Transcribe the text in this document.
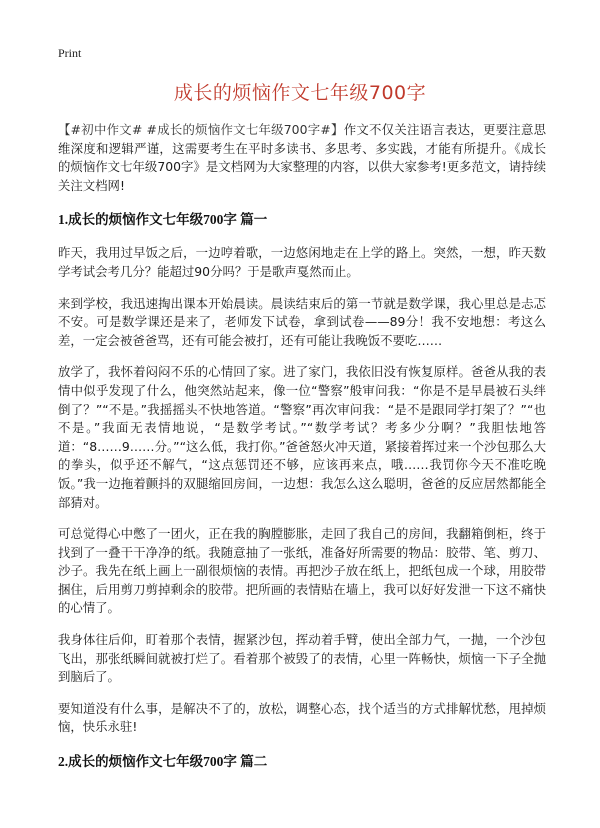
Print
成长的烦恼作文七年级700字

【#初中作文# #成长的烦恼作文七年级700字#】作文不仅关注语言表达，更要注意思维深度和逻辑严谨，这需要考生在平时多读书、多思考、多实践，才能有所提升。《成长的烦恼作文七年级700字》是文档网为大家整理的内容，以供大家参考!更多范文，请持续关注文档网!

1.成长的烦恼作文七年级700字 篇一

昨天，我用过早饭之后，一边哼着歌，一边悠闲地走在上学的路上。突然，一想，昨天数学考试会考几分？能超过90分吗？于是歌声戛然而止。

来到学校，我迅速掏出课本开始晨读。晨读结束后的第一节就是数学课，我心里总是忐忑不安。可是数学课还是来了，老师发下试卷，拿到试卷——89分！我不安地想：考这么差，一定会被爸爸骂，还有可能会被打，还有可能让我晚饭不要吃……

放学了，我怀着闷闷不乐的心情回了家。进了家门，我依旧没有恢复原样。爸爸从我的表情中似乎发现了什么，他突然站起来，像一位“警察”般审问我：“你是不是早晨被石头绊倒了？”“不是。”我摇摇头不快地答道。“警察”再次审问我：“是不是跟同学打架了？”“也不是。”我面无表情地说，“是数学考试。”“数学考试？考多少分啊？”我胆怯地答道：“8……9……分。”“这么低，我打你。”爸爸怒火冲天道，紧接着挥过来一个沙包那么大的拳头，似乎还不解气，“这点惩罚还不够，应该再来点，哦……我罚你今天不准吃晚饭。”我一边拖着颤抖的双腿缩回房间，一边想：我怎么这么聪明，爸爸的反应居然都能全部猜对。

可总觉得心中憋了一团火，正在我的胸膛膨胀，走回了我自己的房间，我翻箱倒柜，终于找到了一叠干干净净的纸。我随意抽了一张纸，准备好所需要的物品：胶带、笔、剪刀、沙子。我先在纸上画上一副很烦恼的表情。再把沙子放在纸上，把纸包成一个球，用胶带捆住，后用剪刀剪掉剩余的胶带。把所画的表情贴在墙上，我可以好好发泄一下这不痛快的心情了。

我身体往后仰，盯着那个表情，握紧沙包，挥动着手臂，使出全部力气，一抛，一个沙包飞出，那张纸瞬间就被打烂了。看着那个被毁了的表情，心里一阵畅快，烦恼一下子全抛到脑后了。

要知道没有什么事，是解决不了的，放松，调整心态，找个适当的方式排解忧愁，甩掉烦恼，快乐永驻!

2.成长的烦恼作文七年级700字 篇二
